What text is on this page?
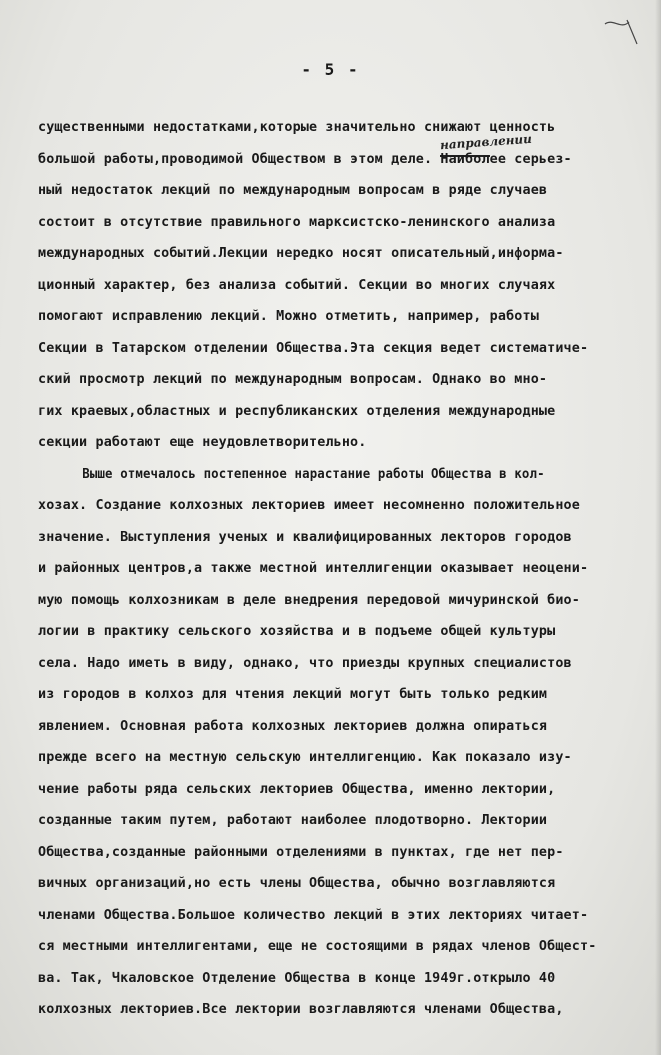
- 5 -
направлении
существенными недостатками,которые значительно снижают ценность
большой работы,проводимой Обществом в этом деле. Наиболее серьез-
ный недостаток лекций по международным вопросам в ряде случаев
состоит в отсутствие правильного марксистско-ленинского анализа
международных событий.Лекции нередко носят описательный,информа-
ционный характер, без анализа событий. Секции во многих случаях
помогают исправлению лекций. Можно отметить, например, работы
Секции в Татарском отделении Общества.Эта секция ведет систематиче-
ский просмотр лекций по международным вопросам. Однако во мно-
гих краевых,областных и республиканских отделения международные
секции работают еще неудовлетворительно.
Выше отмечалось постепенное нарастание работы Общества в кол-
хозах. Создание колхозных лекториев имеет несомненно положительное
значение. Выступления ученых и квалифицированных лекторов городов
и районных центров,а также местной интеллигенции оказывает неоцени-
мую помощь колхозникам в деле внедрения передовой мичуринской био-
логии в практику сельского хозяйства и в подъеме общей культуры
села. Надо иметь в виду, однако, что приезды крупных специалистов
из городов в колхоз для чтения лекций могут быть только редким
явлением. Основная работа колхозных лекториев должна опираться
прежде всего на местную сельскую интеллигенцию. Как показало изу-
чение работы ряда сельских лекториев Общества, именно лектории,
созданные таким путем, работают наиболее плодотворно. Лектории
Общества,созданные районными отделениями в пунктах, где нет пер-
вичных организаций,но есть члены Общества, обычно возглавляются
членами Общества.Большое количество лекций в этих лекториях читает-
ся местными интеллигентами, еще не состоящими в рядах членов Общест-
ва. Так, Чкаловское Отделение Общества в конце 1949г.открыло 40
колхозных лекториев.Все лектории возглавляются членами Общества,
